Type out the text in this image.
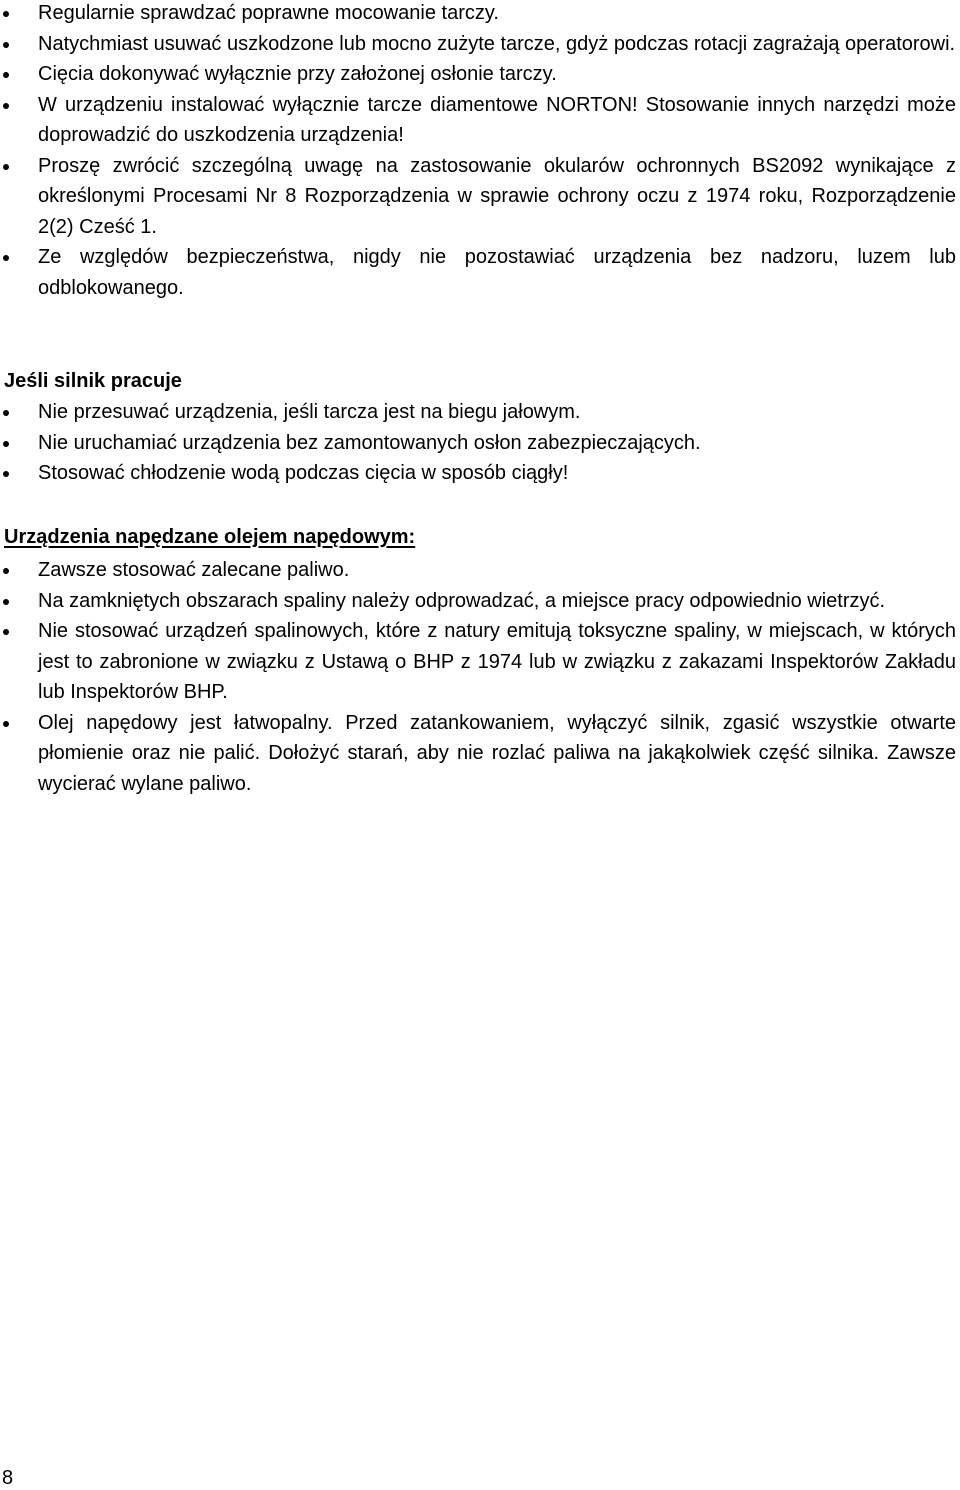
Regularnie sprawdzać poprawne mocowanie tarczy.
Natychmiast usuwać uszkodzone lub mocno zużyte tarcze, gdyż podczas rotacji zagrażają operatorowi.
Cięcia dokonywać wyłącznie przy założonej osłonie tarczy.
W urządzeniu instalować wyłącznie tarcze diamentowe NORTON! Stosowanie innych narzędzi może doprowadzić do uszkodzenia urządzenia!
Proszę zwrócić szczególną uwagę na zastosowanie okularów ochronnych BS2092 wynikające z określonymi Procesami Nr 8 Rozporządzenia w sprawie ochrony oczu z 1974 roku, Rozporządzenie 2(2) Cześć 1.
Ze względów bezpieczeństwa, nigdy nie pozostawiać urządzenia bez nadzoru, luzem lub odblokowanego.
Jeśli silnik pracuje
Nie przesuwać urządzenia, jeśli tarcza jest na biegu jałowym.
Nie uruchamiać urządzenia bez zamontowanych osłon zabezpieczających.
Stosować chłodzenie wodą podczas cięcia w sposób ciągły!
Urządzenia napędzane olejem napędowym:
Zawsze stosować zalecane paliwo.
Na zamkniętych obszarach spaliny należy odprowadzać, a miejsce pracy odpowiednio wietrzyć.
Nie stosować urządzeń spalinowych, które z natury emitują toksyczne spaliny, w miejscach, w których jest to zabronione w związku z Ustawą o BHP z 1974 lub w związku z zakazami Inspektorów Zakładu lub Inspektorów BHP.
Olej napędowy jest łatwopalny. Przed zatankowaniem, wyłączyć silnik, zgasić wszystkie otwarte płomienie oraz nie palić. Dołożyć starań, aby nie rozlać paliwa na jakąkolwiek część silnika. Zawsze wycierać wylane paliwo.
8
